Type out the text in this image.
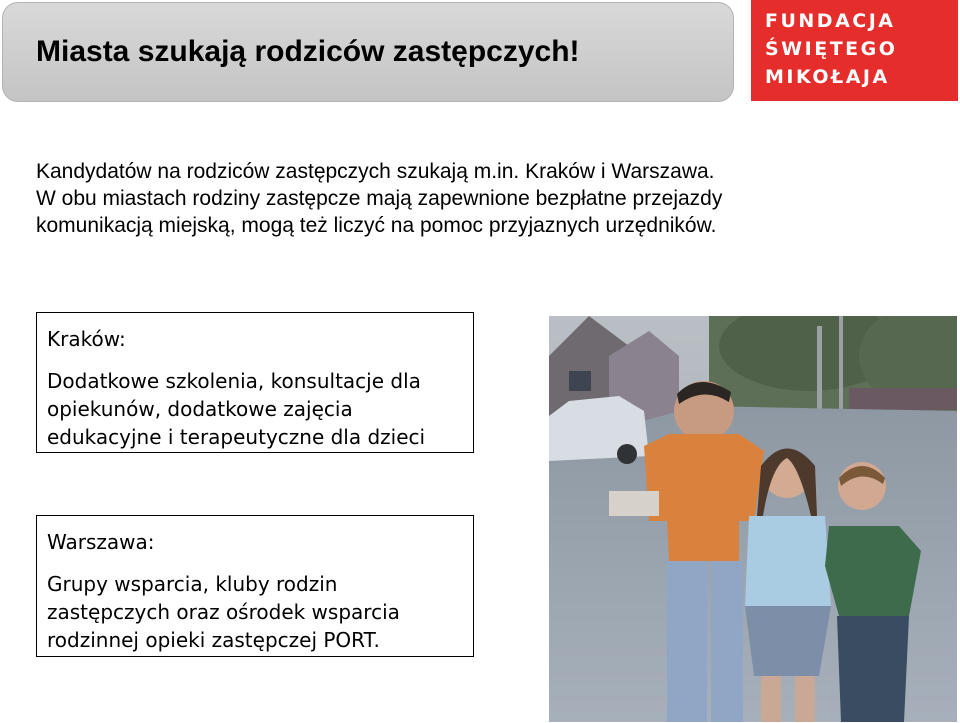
Miasta szukają rodziców zastępczych!
FUNDACJA
ŚWIĘTEGO
MIKOŁAJA
Kandydatów na rodziców zastępczych szukają m.in. Kraków i Warszawa.
W obu miastach rodziny zastępcze mają zapewnione bezpłatne przejazdy
komunikacją miejską, mogą też liczyć na pomoc przyjaznych urzędników.
Kraków:
Dodatkowe szkolenia, konsultacje dla
opiekunów, dodatkowe zajęcia
edukacyjne i terapeutyczne dla dzieci
Warszawa:
Grupy wsparcia, kluby rodzin
zastępczych oraz ośrodek wsparcia
rodzinnej opieki zastępczej PORT.
